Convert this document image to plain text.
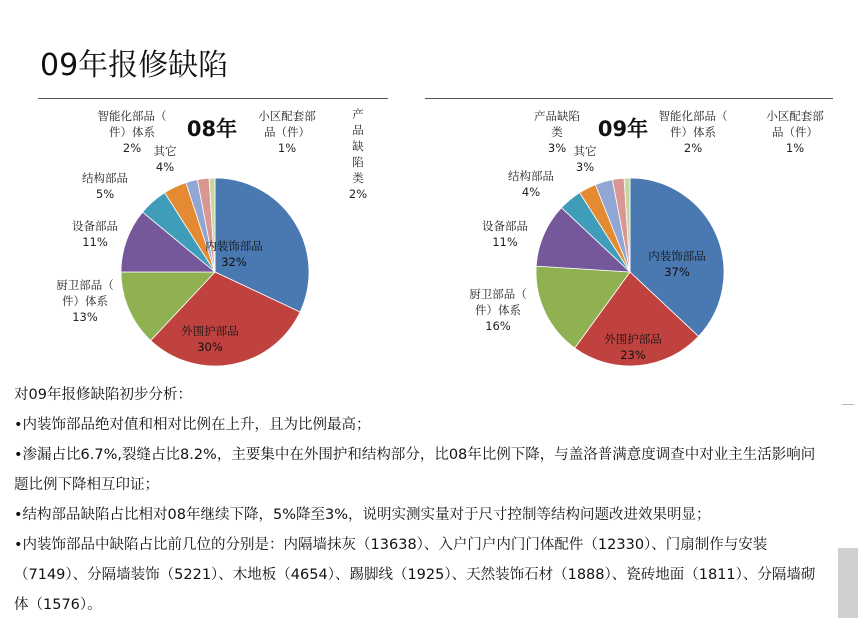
09年报修缺陷
内装饰部品 32%
外围护部品 30%
厨卫部品（件）体系 13%
设备部品 11%
结构部品 5%
其它 4%
智能化部品（件）体系 2%
产品缺陷类 2%
小区配套部品（件） 1%
08年
内装饰部品 37%
外围护部品 23%
厨卫部品（件）体系 16%
设备部品 11%
结构部品 4%
其它 3%
产品缺陷类 3%
智能化部品（件）体系 2%
小区配套部品（件） 1%
09年

对09年报修缺陷初步分析：

•内装饰部品绝对值和相对比例在上升，且为比例最高；

•渗漏占比6.7%,裂缝占比8.2%，主要集中在外围护和结构部分，比08年比例下降，与盖洛普满意度调查中对业主生活影响问题比例下降相互印证；

•结构部品缺陷占比相对08年继续下降，5%降至3%，说明实测实量对于尺寸控制等结构问题改进效果明显；

•内装饰部品中缺陷占比前几位的分别是：内隔墙抹灰（13638）、入户门户内门门体配件（12330）、门扇制作与安装（7149）、分隔墙装饰（5221）、木地板（4654）、踢脚线（1925）、天然装饰石材（1888）、瓷砖地面（1811）、分隔墙砌体（1576）。
